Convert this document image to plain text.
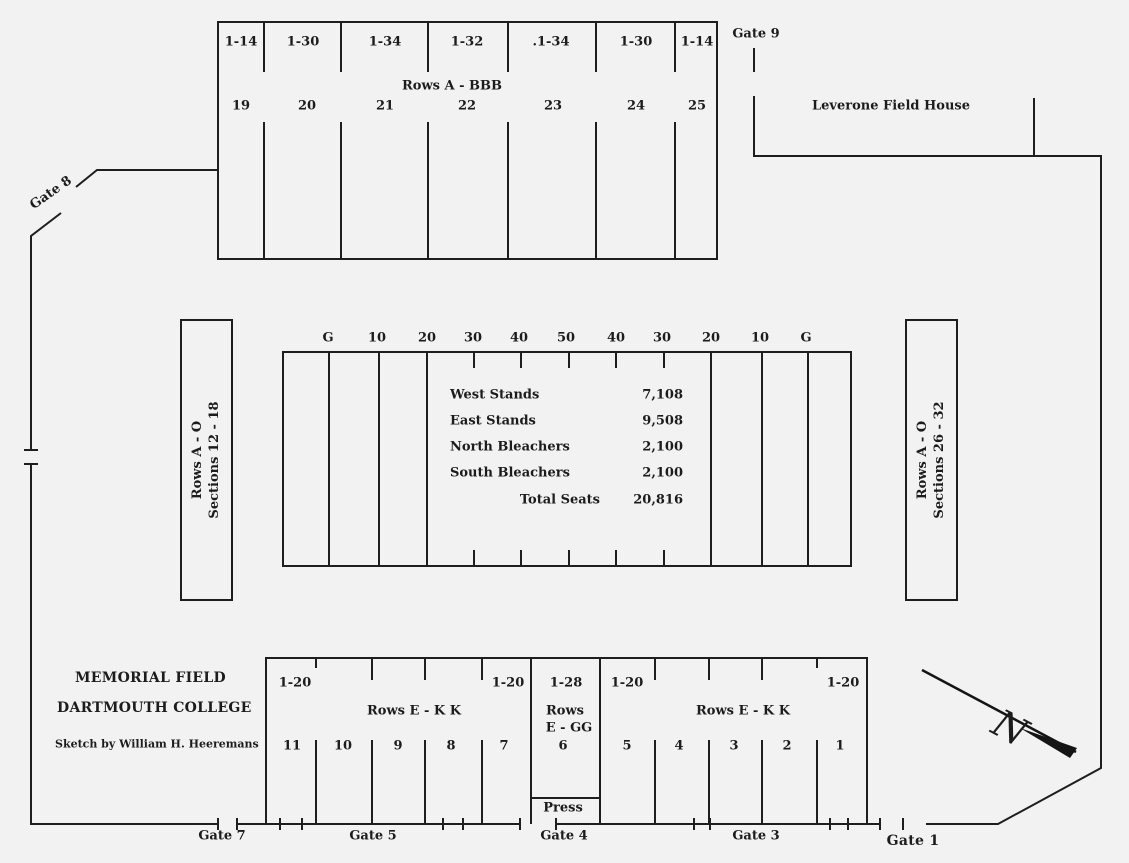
1-14 1-30	1-34	1-32	.1-34	1-30 1-14
Rows A - BBB
19	20	21	22	23	24	25	Leverone Field House
Gate 9
G	10 20 30 40 50 40 30 20 10 G
West Stands	7,108
East Stands	9,508
North Bleachers	2,100
South Bleachers	2,100
Total Seats	20,816
Rows A - O Sections 12 - 18	Rows A - O Sections 26 - 32
1-20	1-20 1-28 1-20	1-20
Rows E - K K	Rows
E - GG
Rows E - K K
11	10	9	8	7	6	5	4	3	2	1
Press
Gate 7	Gate 5	Gate 4	Gate 3	Gate 1
Gate 8
MEMORIAL FIELD
DARTMOUTH COLLEGE
Sketch by William H. Heeremans	N
